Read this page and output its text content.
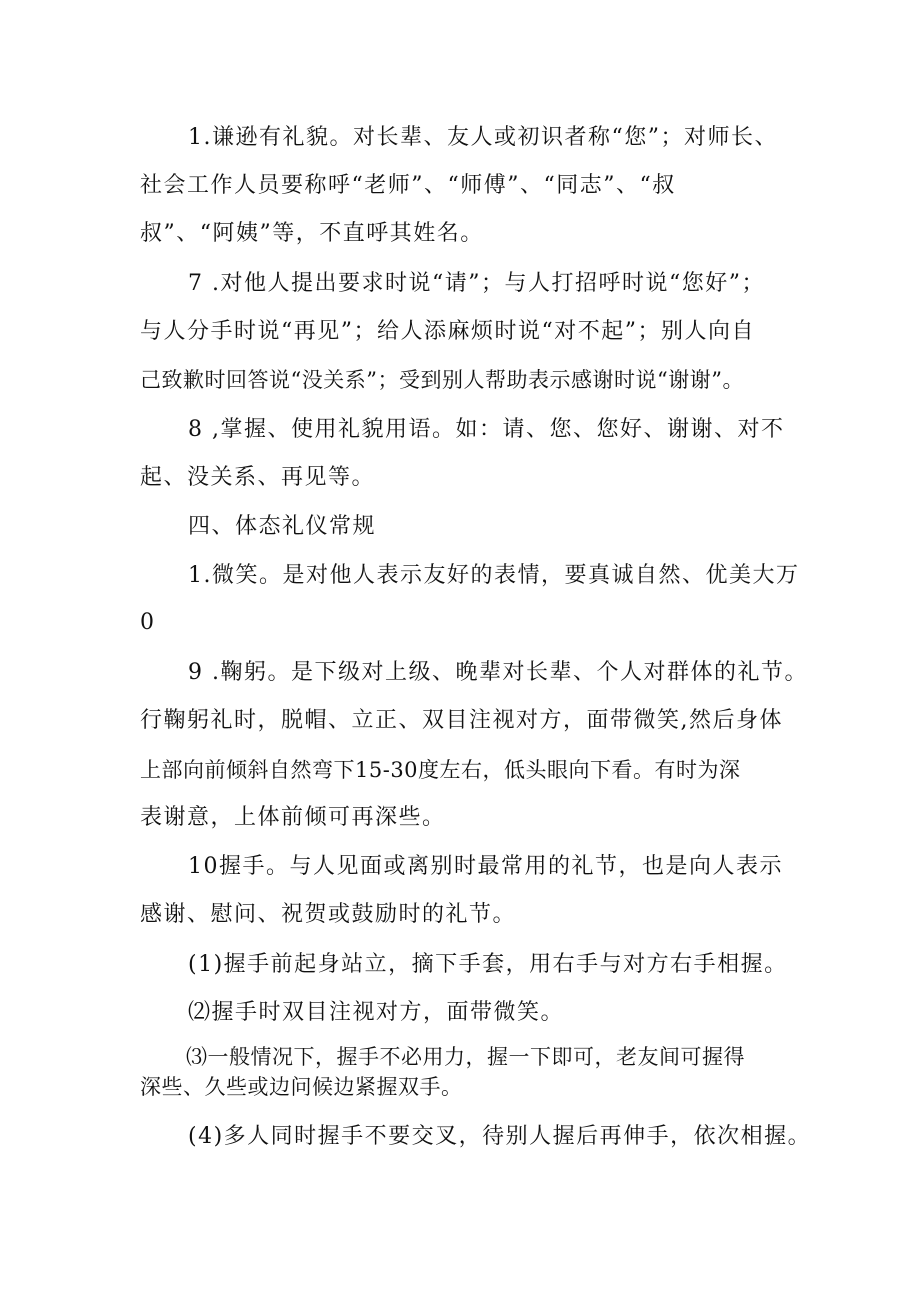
1.谦逊有礼貌。对长辈、友人或初识者称“您”；对师长、
社会工作人员要称呼“老师”、“师傅”、“同志”、“叔
叔”、“阿姨”等，不直呼其姓名。
7 .对他人提出要求时说“请”；与人打招呼时说“您好”；
与人分手时说“再见”；给人添麻烦时说“对不起”；别人向自
己致歉时回答说“没关系”；受到别人帮助表示感谢时说“谢谢”。
8 ,掌握、使用礼貌用语。如：请、您、您好、谢谢、对不
起、没关系、再见等。
四、体态礼仪常规
1.微笑。是对他人表示友好的表情，要真诚自然、优美大万
0
9 .鞠躬。是下级对上级、晚辈对长辈、个人对群体的礼节。
行鞠躬礼时，脱帽、立正、双目注视对方，面带微笑,然后身体
上部向前倾斜自然弯下15-30度左右，低头眼向下看。有时为深
表谢意，上体前倾可再深些。
10握手。与人见面或离别时最常用的礼节，也是向人表示
感谢、慰问、祝贺或鼓励时的礼节。
(1)握手前起身站立，摘下手套，用右手与对方右手相握。
⑵握手时双目注视对方，面带微笑。
⑶一般情况下，握手不必用力，握一下即可，老友间可握得
深些、久些或边问候边紧握双手。
(4)多人同时握手不要交叉，待别人握后再伸手，依次相握。
